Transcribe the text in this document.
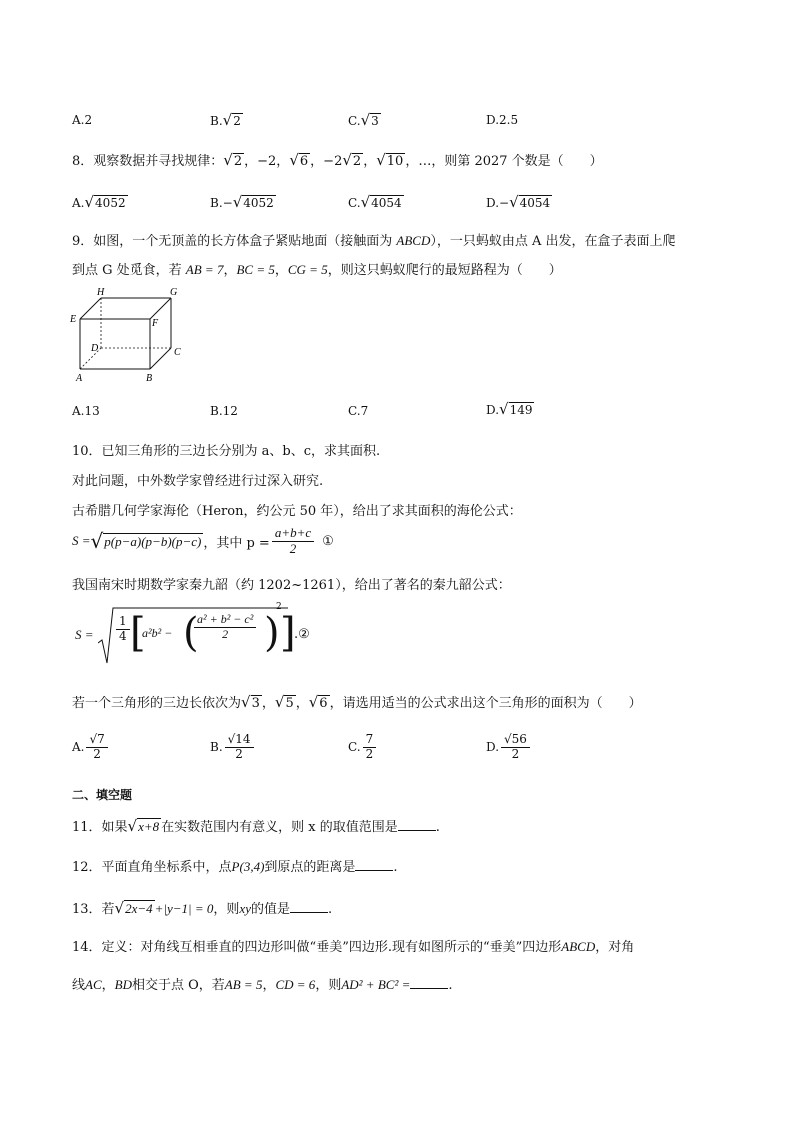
A.2	B.√2	C.√3	D.2.5
8．观察数据并寻找规律：√2 ，−2，√6 ，−2√2 ，√10 ，…，则第 2027 个数是（　　）
A.√4052	B.−√4052	C.√4054	D.−√4054
9．如图，一个无顶盖的长方体盒子紧贴地面（接触面为 ABCD），一只蚂蚁由点 A 出发，在盒子表面上爬
到点 G 处觅食，若 AB = 7，BC = 5，CG = 5，则这只蚂蚁爬行的最短路程为（　　）
H	G
E	F
D	C
A	B
A.13	B.12	C.7	D.√149
10．已知三角形的三边长分别为 a、b、c，求其面积.
对此问题，中外数学家曾经进行过深入研究.
古希腊几何学家海伦（Heron，约公元 50 年），给出了求其面积的海伦公式：
S = √ p(p−a)(p−b)(p−c) ，其中 $p = \frac{a+b+c}{2}$ ①
我国南宋时期数学家秦九韶（约 1202~1261），给出了著名的秦九韶公式：
$S = \frac{1}{4}$ [
a²b² − (
$\frac{\text{a² + b² − c²}}{2}$ )
2
]
.②
若一个三角形的三边长依次为√3 ，√5 ，√6 ，请选用适当的公式求出这个三角形的面积为（　　）
A. $\frac{√7}{2}$	B. $\frac{√14}{2}$	C. $\frac{7}{2}$	D. $\frac{√56}{2}$
二、填空题
11．如果√x+8 在实数范围内有意义，则 x 的取值范围是	.
12．平面直角坐标系中，点P(3,4)到原点的距离是	.
13．若√2x−4 +|y−1| = 0，则xy的值是	.
14．定义：对角线互相垂直的四边形叫做“垂美”四边形.现有如图所示的“垂美”四边形ABCD，对角
线AC，BD相交于点 O，若AB = 5，CD = 6，则AD² + BC² =	.
